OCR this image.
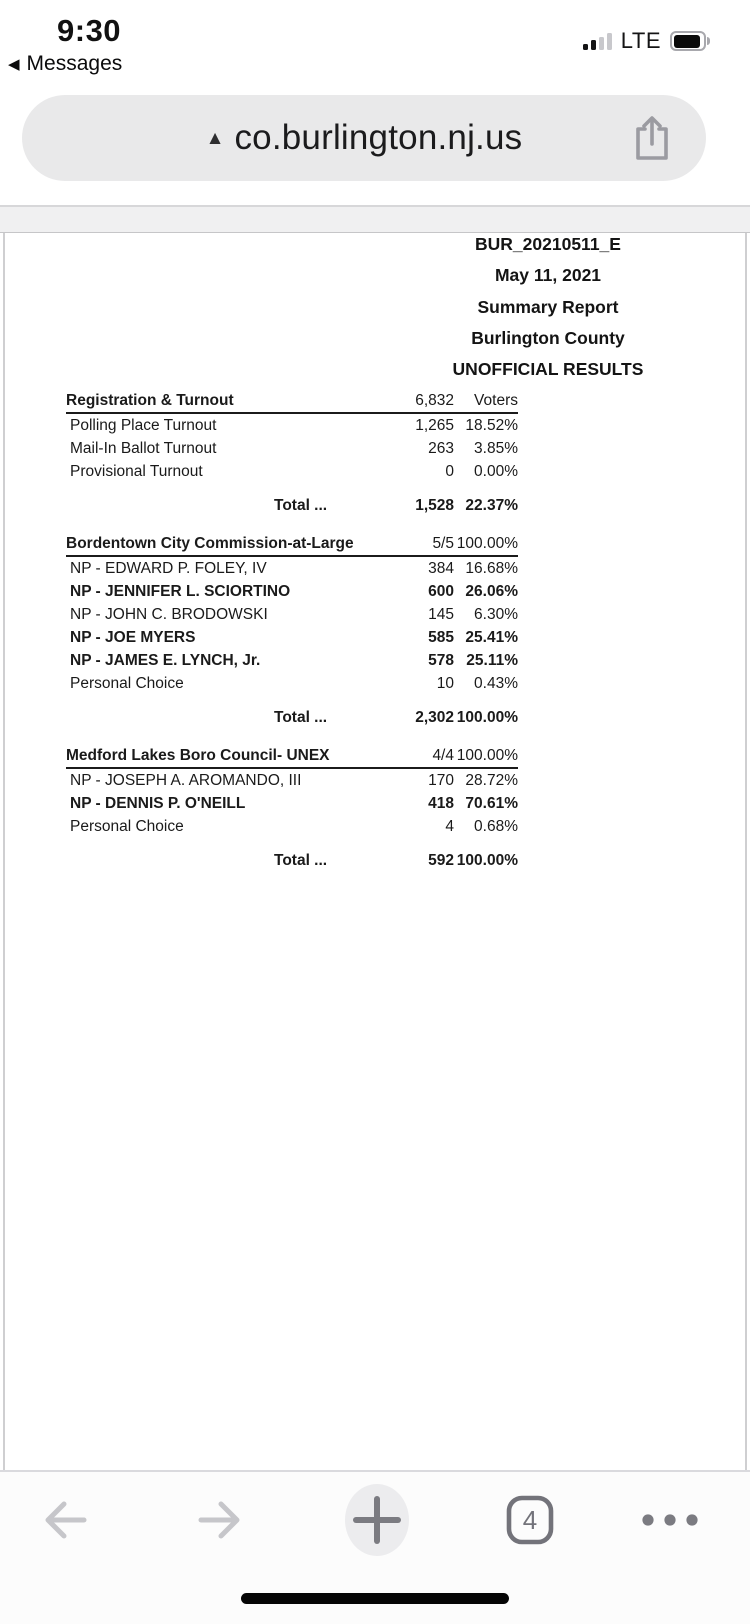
9:30
◀ Messages
LTE
▲ co.burlington.nj.us
BUR_20210511_E
May 11, 2021
Summary Report
Burlington County
UNOFFICIAL RESULTS
Registration & Turnout	6,832	Voters
Polling Place Turnout	1,265 18.52%
Mail-In Ballot Turnout	263	3.85%
Provisional Turnout	0	0.00%
Total ...	1,528 22.37%
Bordentown City Commission-at-Large	5/5 100.00%
NP - EDWARD P. FOLEY, IV	384 16.68%
NP - JENNIFER L. SCIORTINO	600 26.06%
NP - JOHN C. BRODOWSKI	145	6.30%
NP - JOE MYERS	585 25.41%
NP - JAMES E. LYNCH, Jr.	578 25.11%
Personal Choice	10	0.43%
Total ...	2,302 100.00%
Medford Lakes Boro Council- UNEX	4/4 100.00%
NP - JOSEPH A. AROMANDO, III	170 28.72%
NP - DENNIS P. O'NEILL	418 70.61%
Personal Choice	4	0.68%
Total ...	592 100.00%
4
